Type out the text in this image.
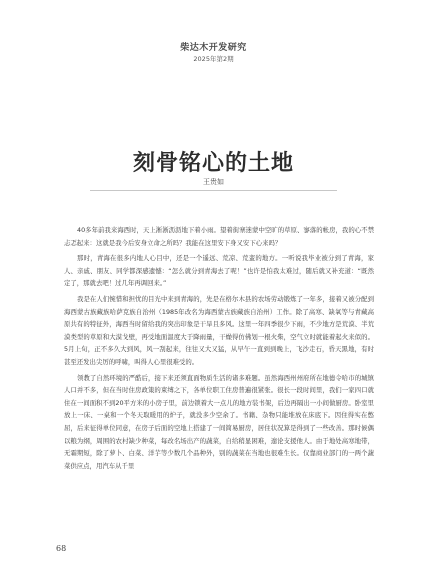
柴达木开发研究
2025年第2期
刻骨铭心的土地
王贵如

40多年前我来海西时，天上淅淅沥沥地下着小雨。望着街寨迷蒙中空旷的草原、寥落的帐房，我的心不禁忐忑起来：这就是我今后安身立命之所吗？我能在这里安下身又安下心来吗？

那时，青海在很多内地人心目中，还是一个遥远、荒凉、荒蛮的地方。一听说我毕业被分到了青海，家人、亲戚、朋友、同学都深感遗憾：“怎么就分到青海去了呢！”也许是怕我太难过，随后就又补充道：“既然定了，那就去吧！过几年再调回来。”

我是在人们惋惜和担忧的目光中来到青海的，先是在格尔木县的农场劳动锻炼了一年多，接着又被分配到海西蒙古族藏族哈萨克族自治州（1985年改名为海西蒙古族藏族自治州）工作。除了高寒、缺氧等与青藏高原共有的特征外，海西当时留给我的突出印象是干旱且多风。这里一年四季很少下雨，不少地方是荒漠、半荒漠类型的草原和大漠戈壁，再受地面温度大于降雨量，干燥得仿佛划一根火柴，空气立时就能着起火来似的。5月上旬，正不多久大到风，风一刮起来，往往又大又猛，从早午一直到到晚上，飞沙走石，昏天黑地，有时甚至还发出尖厉的呼啸，叫得人心里很难受的。

领教了自然环境的严酷后，接下来还须直面物质生活的诸多难题。虽然海西州州府所在地德令哈市的城镇人口并不多，但在当时住房政策的束缚之下，各单位职工住房普遍很紧张。很长一段时间里，我们一家四口就住在一间面积不到20平方米的小房子里，前边锁着大一点儿的地方装书架，后边再隔出一小间做厨房。卧室里放上一床、一桌和一个冬天取暖用的炉子，就没多少空余了。书籍、杂物只能堆放在床底下。因住得实在憋屈，后来征得单位同意，在房子后面的空地上搭建了一间简易厨房，居住状况算是得到了一些改善。那时候偶以粮为纲，周围的农村缺少种菜，每改名场出产的蔬菜，自给稍显困难，遑论支援他人。由于地处高寒地带，无霜期短，除了萝卜、白菜、洋芋等少数几个品种外，别的蔬菜在当地也很难生长。仅靠商业部门的一两个蔬菜供应点，用汽车从千里

68
